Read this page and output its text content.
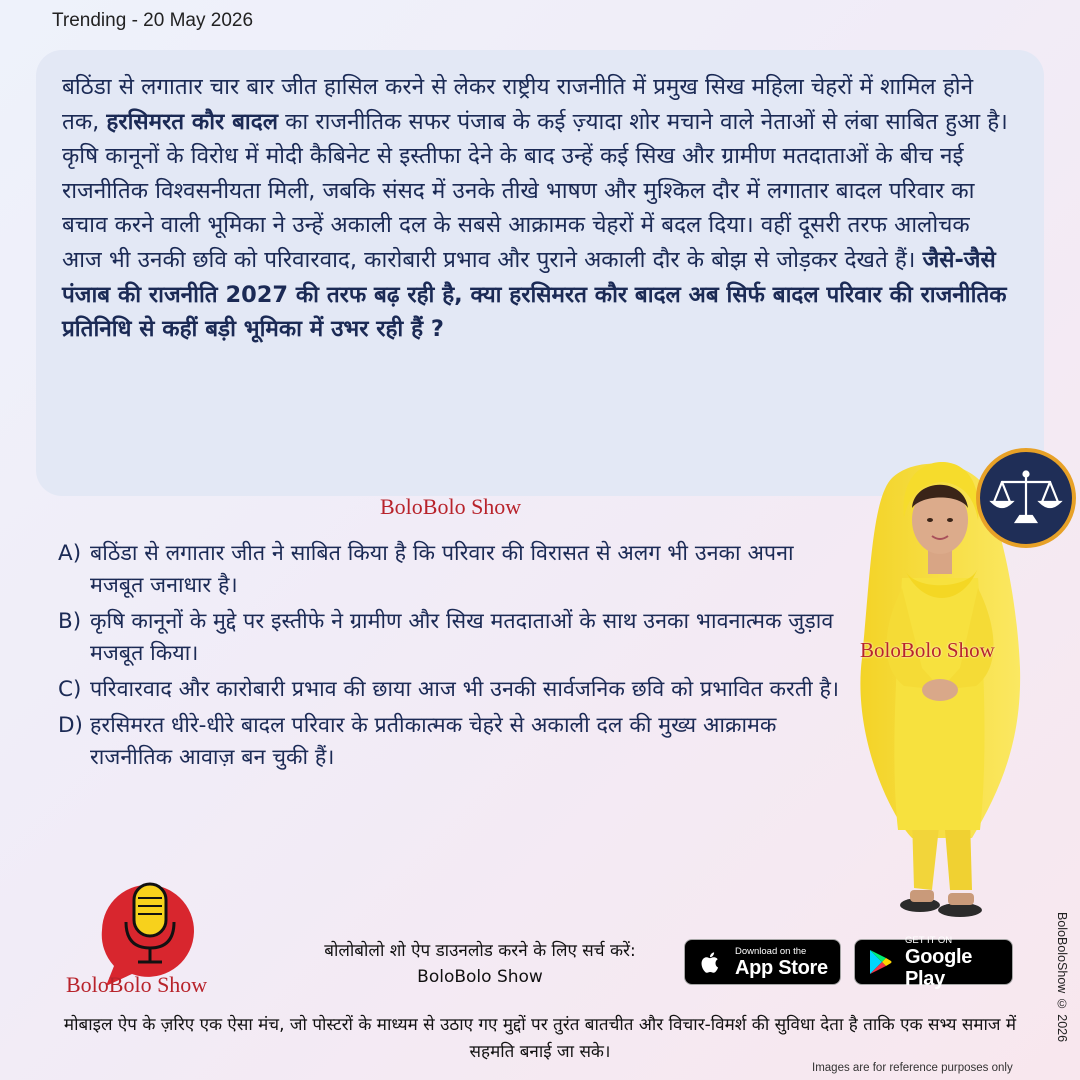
Trending - 20 May 2026

बठिंडा से लगातार चार बार जीत हासिल करने से लेकर राष्ट्रीय राजनीति में प्रमुख सिख महिला चेहरों में शामिल होने तक, हरसिमरत कौर बादल का राजनीतिक सफर पंजाब के कई ज़्यादा शोर मचाने वाले नेताओं से लंबा साबित हुआ है। कृषि कानूनों के विरोध में मोदी कैबिनेट से इस्तीफा देने के बाद उन्हें कई सिख और ग्रामीण मतदाताओं के बीच नई राजनीतिक विश्वसनीयता मिली, जबकि संसद में उनके तीखे भाषण और मुश्किल दौर में लगातार बादल परिवार का बचाव करने वाली भूमिका ने उन्हें अकाली दल के सबसे आक्रामक चेहरों में बदल दिया। वहीं दूसरी तरफ आलोचक आज भी उनकी छवि को परिवारवाद, कारोबारी प्रभाव और पुराने अकाली दौर के बोझ से जोड़कर देखते हैं। जैसे-जैसे पंजाब की राजनीति 2027 की तरफ बढ़ रही है, क्या हरसिमरत कौर बादल अब सिर्फ बादल परिवार की राजनीतिक प्रतिनिधि से कहीं बड़ी भूमिका में उभर रही हैं ?

BoloBolo Show
A) बठिंडा से लगातार जीत ने साबित किया है कि परिवार की विरासत से अलग भी उनका अपना मजबूत जनाधार है।
B) कृषि कानूनों के मुद्दे पर इस्तीफे ने ग्रामीण और सिख मतदाताओं के साथ उनका भावनात्मक जुड़ाव मजबूत किया।
C) परिवारवाद और कारोबारी प्रभाव की छाया आज भी उनकी सार्वजनिक छवि को प्रभावित करती है।
D) हरसिमरत धीरे-धीरे बादल परिवार के प्रतीकात्मक चेहरे से अकाली दल की मुख्य आक्रामक राजनीतिक आवाज़ बन चुकी हैं।
BoloBolo Show
BoloBolo Show
बोलोबोलो शो ऐप डाउनलोड करने के लिए सर्च करें:
BoloBolo Show
Download on the
App Store
GET IT ON
Google Play
मोबाइल ऐप के ज़रिए एक ऐसा मंच, जो पोस्टरों के माध्यम से उठाए गए मुद्दों पर तुरंत बातचीत और विचार-विमर्श की सुविधा देता है ताकि एक सभ्य समाज में सहमति बनाई जा सके।
Images are for reference purposes only
BoloBoloShow © 2026
